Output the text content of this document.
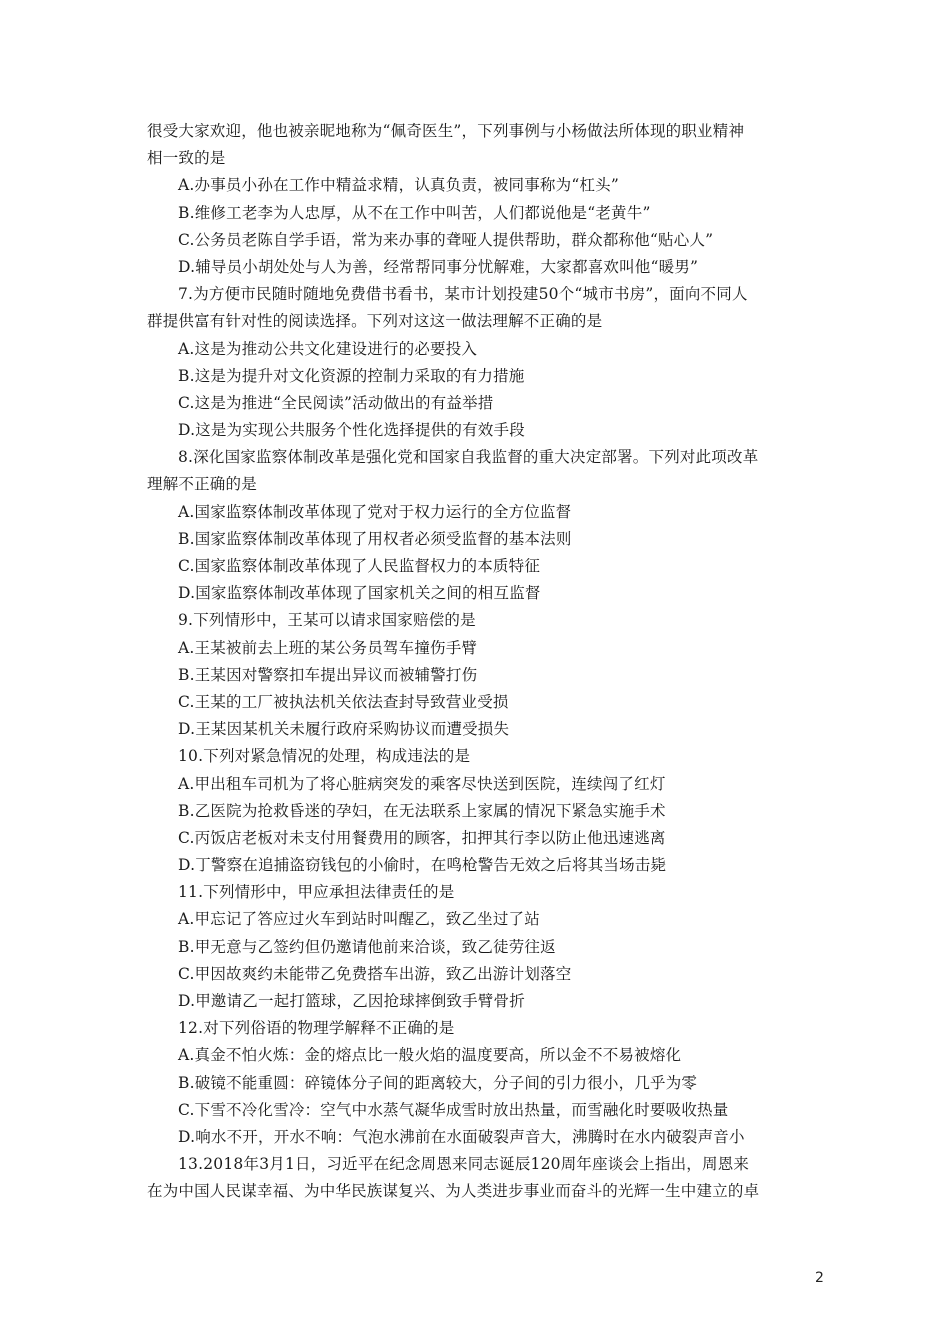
很受大家欢迎，他也被亲昵地称为“佩奇医生”，下列事例与小杨做法所体现的职业精神
相一致的是
A.办事员小孙在工作中精益求精，认真负责，被同事称为“杠头”
B.维修工老李为人忠厚，从不在工作中叫苦，人们都说他是“老黄牛”
C.公务员老陈自学手语，常为来办事的聋哑人提供帮助，群众都称他“贴心人”
D.辅导员小胡处处与人为善，经常帮同事分忧解难，大家都喜欢叫他“暖男”
7.为方便市民随时随地免费借书看书，某市计划投建50个“城市书房”，面向不同人
群提供富有针对性的阅读选择。下列对这这一做法理解不正确的是
A.这是为推动公共文化建设进行的必要投入
B.这是为提升对文化资源的控制力采取的有力措施
C.这是为推进“全民阅读”活动做出的有益举措
D.这是为实现公共服务个性化选择提供的有效手段
8.深化国家监察体制改革是强化党和国家自我监督的重大决定部署。下列对此项改革
理解不正确的是
A.国家监察体制改革体现了党对于权力运行的全方位监督
B.国家监察体制改革体现了用权者必须受监督的基本法则
C.国家监察体制改革体现了人民监督权力的本质特征
D.国家监察体制改革体现了国家机关之间的相互监督
9.下列情形中，王某可以请求国家赔偿的是
A.王某被前去上班的某公务员驾车撞伤手臂
B.王某因对警察扣车提出异议而被辅警打伤
C.王某的工厂被执法机关依法查封导致营业受损
D.王某因某机关未履行政府采购协议而遭受损失
10.下列对紧急情况的处理，构成违法的是
A.甲出租车司机为了将心脏病突发的乘客尽快送到医院，连续闯了红灯
B.乙医院为抢救昏迷的孕妇，在无法联系上家属的情况下紧急实施手术
C.丙饭店老板对未支付用餐费用的顾客，扣押其行李以防止他迅速逃离
D.丁警察在追捕盗窃钱包的小偷时，在鸣枪警告无效之后将其当场击毙
11.下列情形中，甲应承担法律责任的是
A.甲忘记了答应过火车到站时叫醒乙，致乙坐过了站
B.甲无意与乙签约但仍邀请他前来洽谈，致乙徒劳往返
C.甲因故爽约未能带乙免费搭车出游，致乙出游计划落空
D.甲邀请乙一起打篮球，乙因抢球摔倒致手臂骨折
12.对下列俗语的物理学解释不正确的是
A.真金不怕火炼：金的熔点比一般火焰的温度要高，所以金不不易被熔化
B.破镜不能重圆：碎镜体分子间的距离较大，分子间的引力很小，几乎为零
C.下雪不冷化雪冷：空气中水蒸气凝华成雪时放出热量，而雪融化时要吸收热量
D.响水不开，开水不响：气泡水沸前在水面破裂声音大，沸腾时在水内破裂声音小
13.2018年3月1日，习近平在纪念周恩来同志诞辰120周年座谈会上指出，周恩来
在为中国人民谋幸福、为中华民族谋复兴、为人类进步事业而奋斗的光辉一生中建立的卓
2
